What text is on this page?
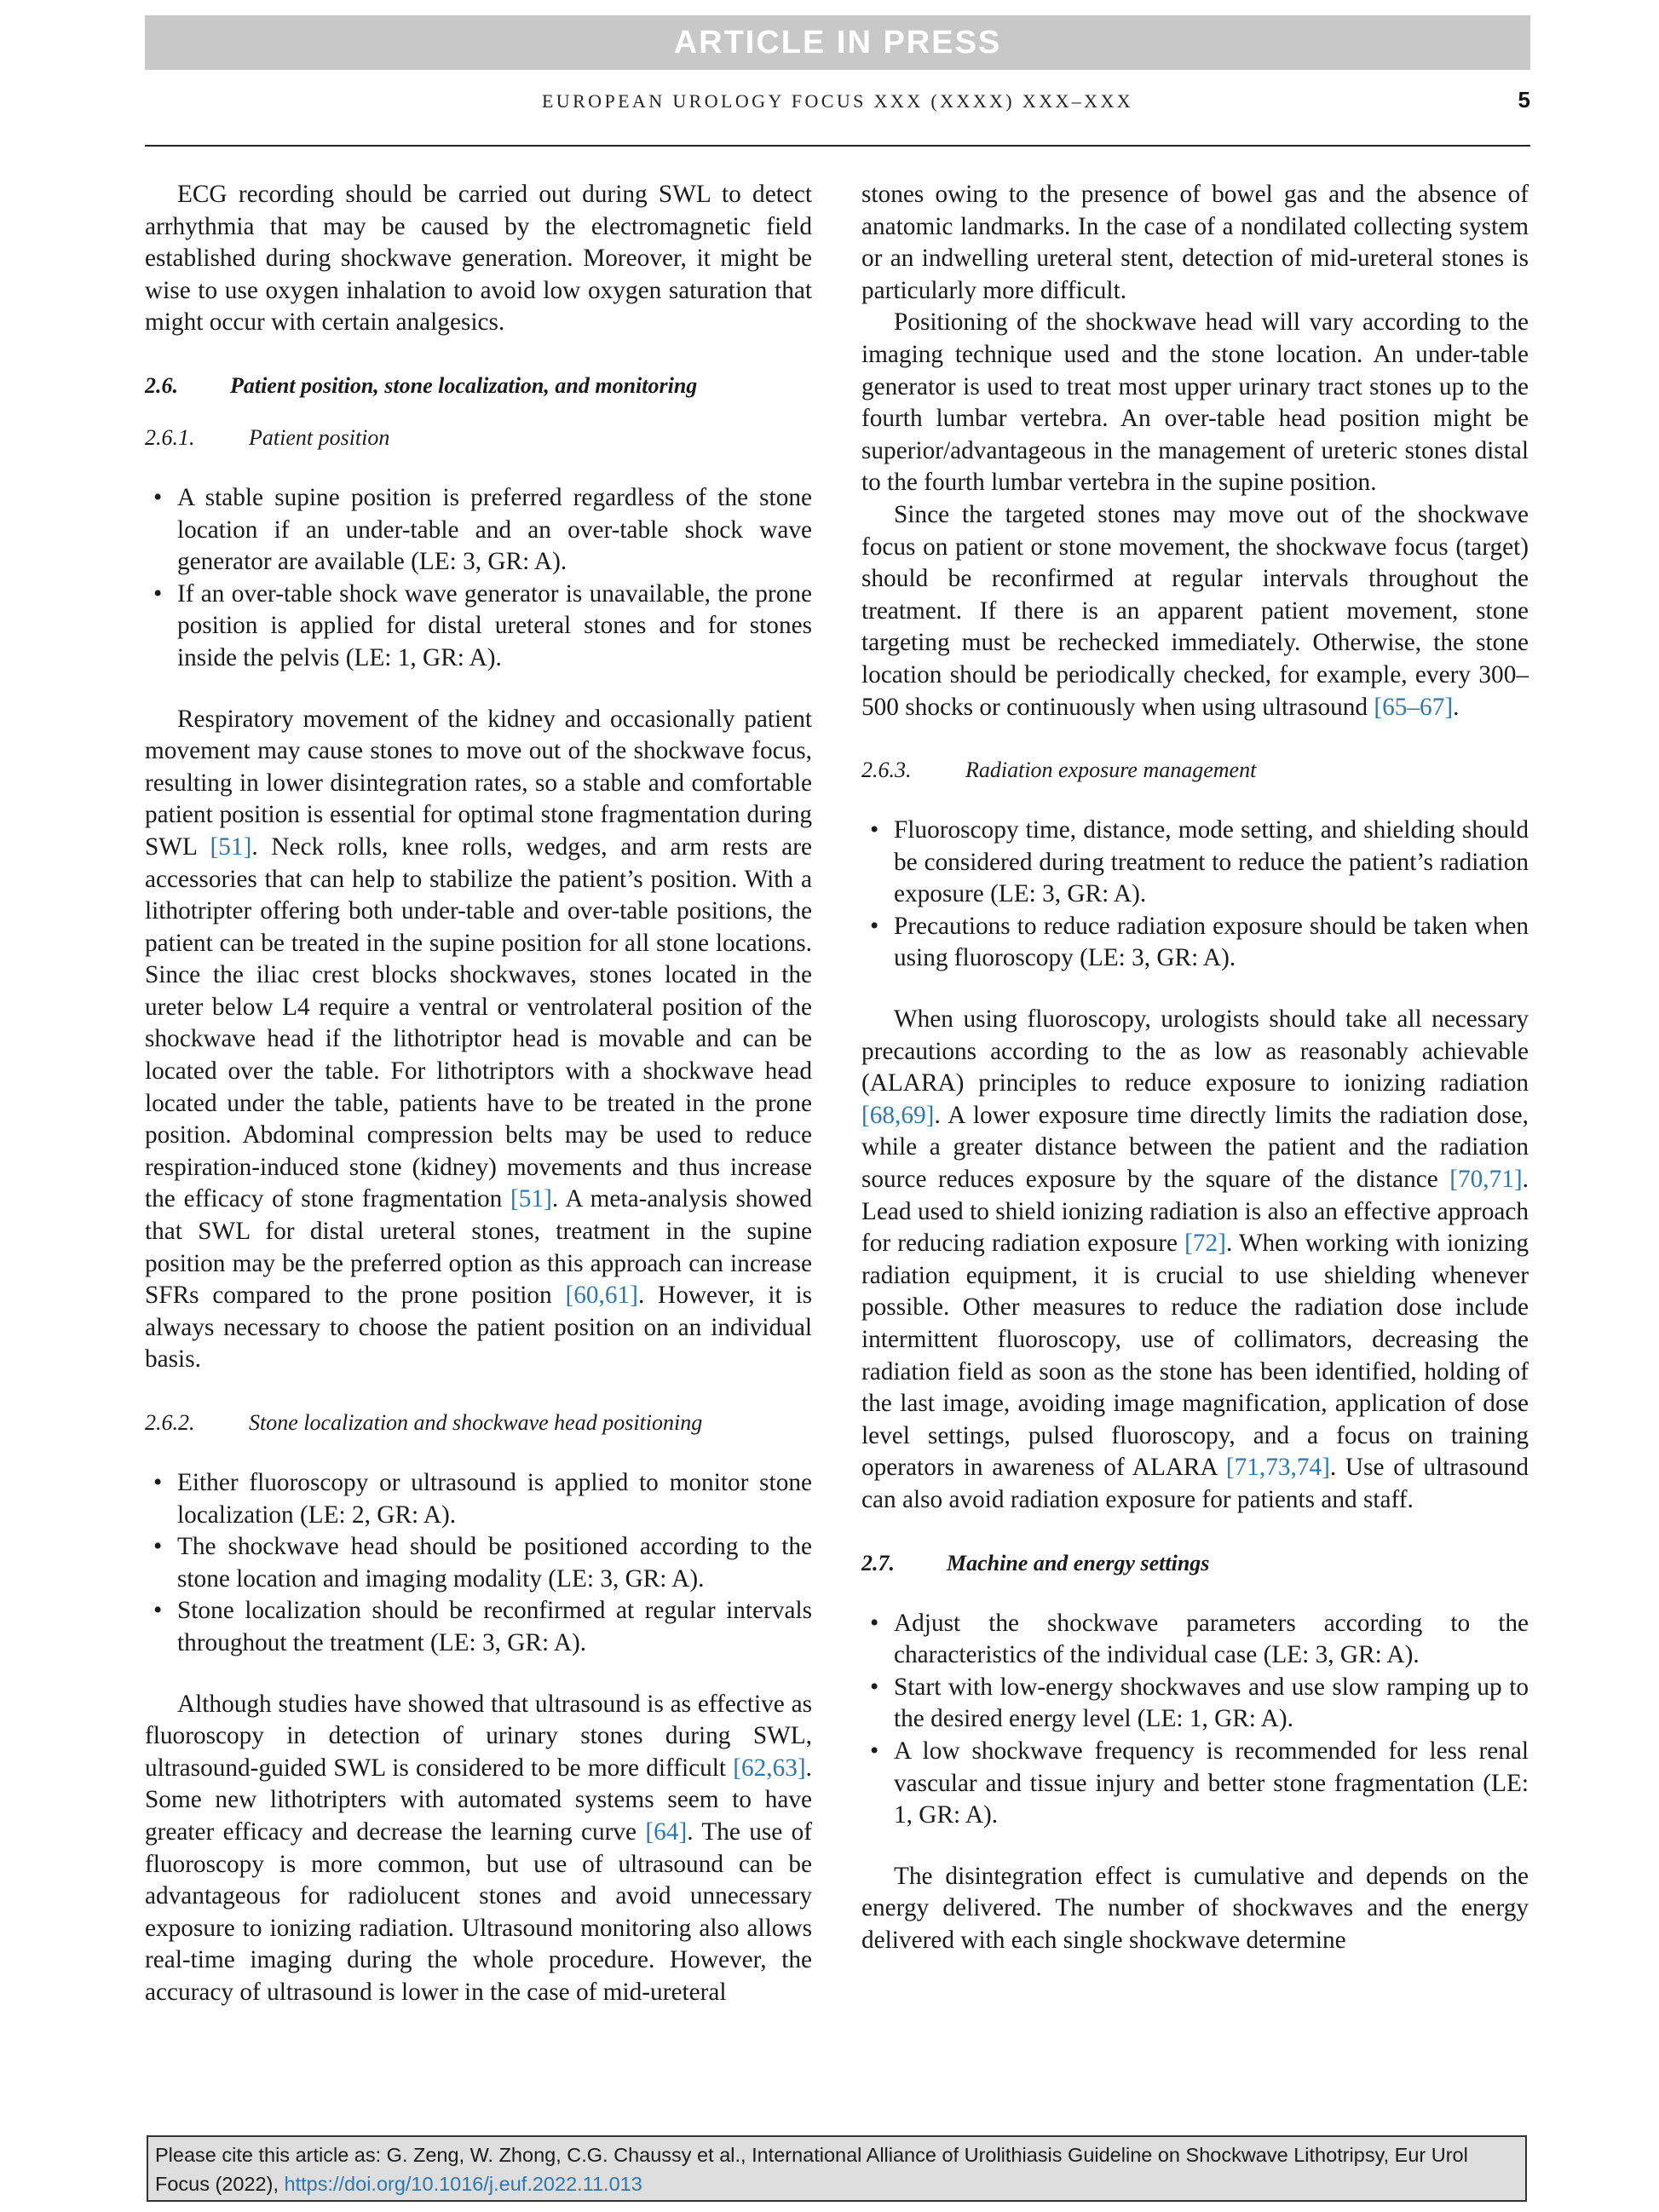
ARTICLE IN PRESS
EUROPEAN UROLOGY FOCUS XXX (XXXX) XXX–XXX	5

ECG recording should be carried out during SWL to detect arrhythmia that may be caused by the electromagnetic field established during shockwave generation. Moreover, it might be wise to use oxygen inhalation to avoid low oxygen saturation that might occur with certain analgesics.

2.6. Patient position, stone localization, and monitoring
2.6.1. Patient position
• A stable supine position is preferred regardless of the stone location if an under-table and an over-table shock wave generator are available (LE: 3, GR: A).
• If an over-table shock wave generator is unavailable, the prone position is applied for distal ureteral stones and for stones inside the pelvis (LE: 1, GR: A).

Respiratory movement of the kidney and occasionally patient movement may cause stones to move out of the shockwave focus, resulting in lower disintegration rates, so a stable and comfortable patient position is essential for optimal stone fragmentation during SWL [51]. Neck rolls, knee rolls, wedges, and arm rests are accessories that can help to stabilize the patient’s position. With a lithotripter offering both under-table and over-table positions, the patient can be treated in the supine position for all stone locations. Since the iliac crest blocks shockwaves, stones located in the ureter below L4 require a ventral or ventrolateral position of the shockwave head if the lithotriptor head is movable and can be located over the table. For lithotriptors with a shockwave head located under the table, patients have to be treated in the prone position. Abdominal compression belts may be used to reduce respiration-induced stone (kidney) movements and thus increase the efficacy of stone fragmentation [51]. A meta-analysis showed that SWL for distal ureteral stones, treatment in the supine position may be the preferred option as this approach can increase SFRs compared to the prone position [60,61]. However, it is always necessary to choose the patient position on an individual basis.

2.6.2. Stone localization and shockwave head positioning
• Either fluoroscopy or ultrasound is applied to monitor stone localization (LE: 2, GR: A).
• The shockwave head should be positioned according to the stone location and imaging modality (LE: 3, GR: A).
• Stone localization should be reconfirmed at regular intervals throughout the treatment (LE: 3, GR: A).

Although studies have showed that ultrasound is as effective as fluoroscopy in detection of urinary stones during SWL, ultrasound-guided SWL is considered to be more difficult [62,63]. Some new lithotripters with automated systems seem to have greater efficacy and decrease the learning curve [64]. The use of fluoroscopy is more common, but use of ultrasound can be advantageous for radiolucent stones and avoid unnecessary exposure to ionizing radiation. Ultrasound monitoring also allows real-time imaging during the whole procedure. However, the accuracy of ultrasound is lower in the case of mid-ureteral

stones owing to the presence of bowel gas and the absence of anatomic landmarks. In the case of a nondilated collecting system or an indwelling ureteral stent, detection of mid-ureteral stones is particularly more difficult.

Positioning of the shockwave head will vary according to the imaging technique used and the stone location. An under-table generator is used to treat most upper urinary tract stones up to the fourth lumbar vertebra. An over-table head position might be superior/advantageous in the management of ureteric stones distal to the fourth lumbar vertebra in the supine position.

Since the targeted stones may move out of the shockwave focus on patient or stone movement, the shockwave focus (target) should be reconfirmed at regular intervals throughout the treatment. If there is an apparent patient movement, stone targeting must be rechecked immediately. Otherwise, the stone location should be periodically checked, for example, every 300–500 shocks or continuously when using ultrasound [65–67].

2.6.3. Radiation exposure management
• Fluoroscopy time, distance, mode setting, and shielding should be considered during treatment to reduce the patient’s radiation exposure (LE: 3, GR: A).
• Precautions to reduce radiation exposure should be taken when using fluoroscopy (LE: 3, GR: A).

When using fluoroscopy, urologists should take all necessary precautions according to the as low as reasonably achievable (ALARA) principles to reduce exposure to ionizing radiation [68,69]. A lower exposure time directly limits the radiation dose, while a greater distance between the patient and the radiation source reduces exposure by the square of the distance [70,71]. Lead used to shield ionizing radiation is also an effective approach for reducing radiation exposure [72]. When working with ionizing radiation equipment, it is crucial to use shielding whenever possible. Other measures to reduce the radiation dose include intermittent fluoroscopy, use of collimators, decreasing the radiation field as soon as the stone has been identified, holding of the last image, avoiding image magnification, application of dose level settings, pulsed fluoroscopy, and a focus on training operators in awareness of ALARA [71,73,74]. Use of ultrasound can also avoid radiation exposure for patients and staff.

2.7. Machine and energy settings
• Adjust the shockwave parameters according to the characteristics of the individual case (LE: 3, GR: A).
• Start with low-energy shockwaves and use slow ramping up to the desired energy level (LE: 1, GR: A).
• A low shockwave frequency is recommended for less renal vascular and tissue injury and better stone fragmentation (LE: 1, GR: A).

The disintegration effect is cumulative and depends on the energy delivered. The number of shockwaves and the energy delivered with each single shockwave determine

Please cite this article as: G. Zeng, W. Zhong, C.G. Chaussy et al., International Alliance of Urolithiasis Guideline on Shockwave Lithotripsy, Eur Urol Focus (2022), https://doi.org/10.1016/j.euf.2022.11.013
